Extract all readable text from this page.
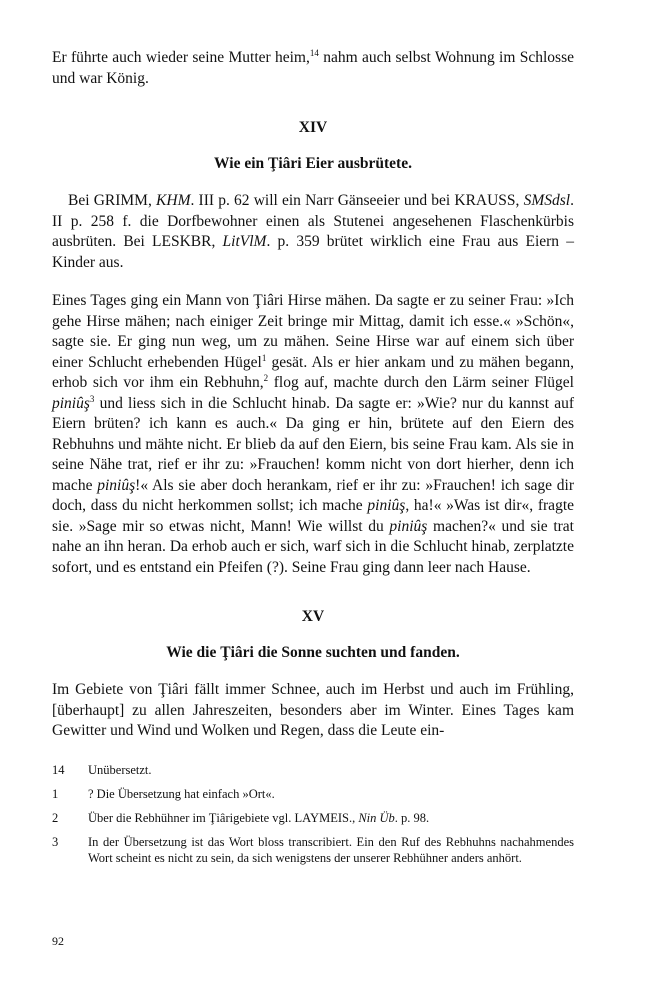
Er führte auch wieder seine Mutter heim,$^{14}$ nahm auch selbst Wohnung im Schlosse und war König.

XIV
Wie ein Ţiâri Eier ausbrütete.

Bei GRIMM, KHM. III p. 62 will ein Narr Gänseeier und bei KRAUSS, SMSdsl. II p. 258 f. die Dorfbewohner einen als Stutenei angesehenen Flaschenkürbis ausbrüten. Bei LESKBR, LitVlM. p. 359 brütet wirklich eine Frau aus Eiern – Kinder aus.

Eines Tages ging ein Mann von Ţiâri Hirse mähen. Da sagte er zu seiner Frau: »Ich gehe Hirse mähen; nach einiger Zeit bringe mir Mittag, damit ich esse.« »Schön«, sagte sie. Er ging nun weg, um zu mähen. Seine Hirse war auf einem sich über einer Schlucht erhebenden Hügel$^1$ gesät. Als er hier ankam und zu mähen begann, erhob sich vor ihm ein Rebhuhn,$^2$ flog auf, machte durch den Lärm seiner Flügel piniûş$^3$ und liess sich in die Schlucht hinab. Da sagte er: »Wie? nur du kannst auf Eiern brüten? ich kann es auch.« Da ging er hin, brütete auf den Eiern des Rebhuhns und mähte nicht. Er blieb da auf den Eiern, bis seine Frau kam. Als sie in seine Nähe trat, rief er ihr zu: »Frauchen! komm nicht von dort hierher, denn ich mache piniûş!« Als sie aber doch herankam, rief er ihr zu: »Frauchen! ich sage dir doch, dass du nicht herkommen sollst; ich mache piniûş, ha!« »Was ist dir«, fragte sie. »Sage mir so etwas nicht, Mann! Wie willst du piniûş machen?« und sie trat nahe an ihn heran. Da erhob auch er sich, warf sich in die Schlucht hinab, zerplatzte sofort, und es entstand ein Pfeifen (?). Seine Frau ging dann leer nach Hause.

XV
Wie die Ţiâri die Sonne suchten und fanden.

Im Gebiete von Ţiâri fällt immer Schnee, auch im Herbst und auch im Frühling, [überhaupt] zu allen Jahreszeiten, besonders aber im Winter. Eines Tages kam Gewitter und Wind und Wolken und Regen, dass die Leute ein-

14	Unübersetzt.
1	? Die Übersetzung hat einfach »Ort«.
2	Über die Rebhühner im Ţiârigebiete vgl. LAYMEIS., Nin Üb. p. 98.
3	In der Übersetzung ist das Wort bloss transcribiert. Ein den Ruf des Rebhuhns nachahmendes Wort scheint es nicht zu sein, da sich wenigstens der unserer Rebhühner anders anhört.
92
